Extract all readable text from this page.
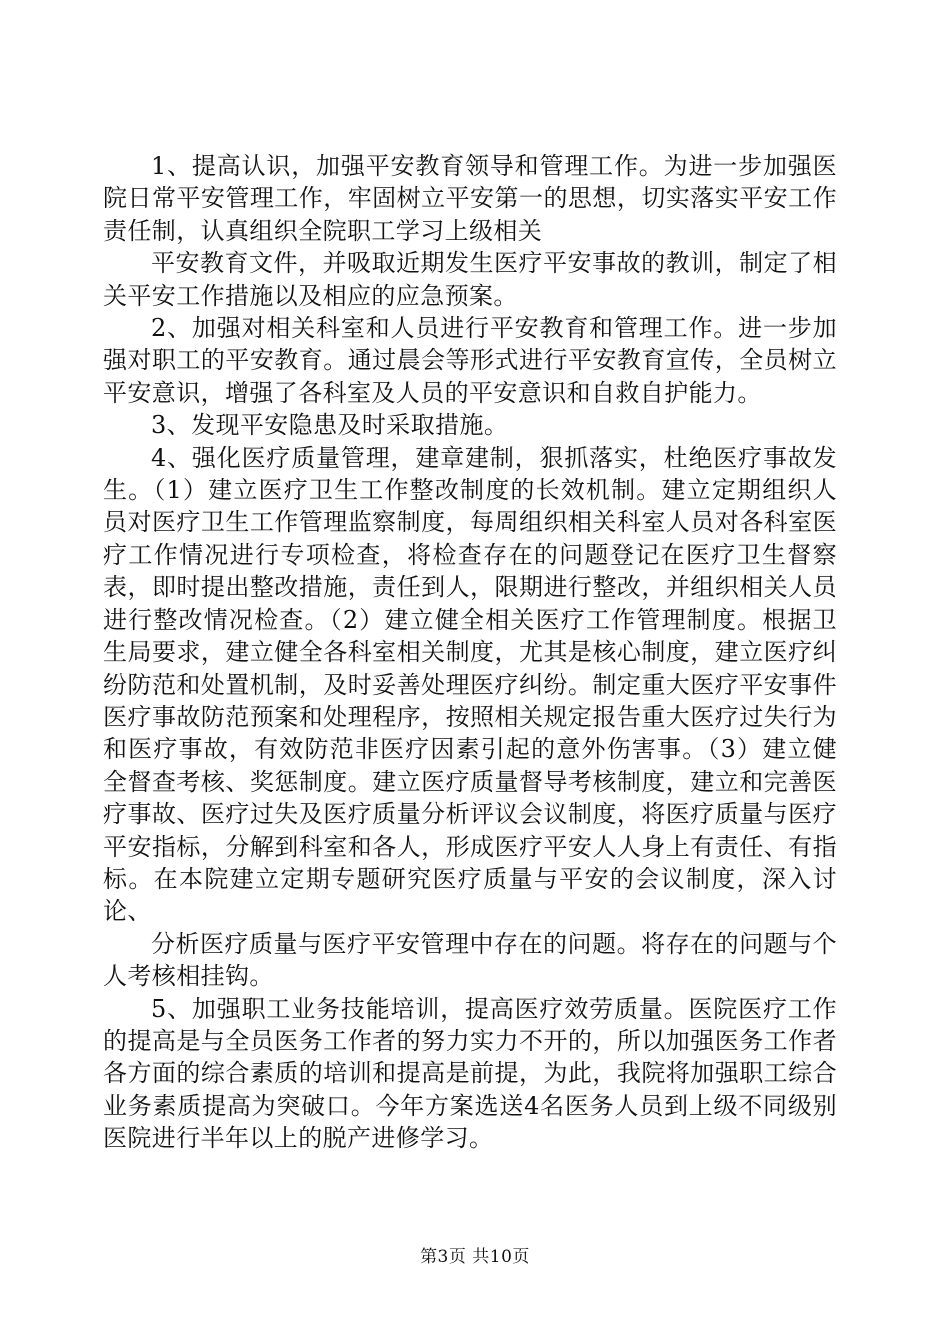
1、提高认识，加强平安教育领导和管理工作。为进一步加强医院日常平安管理工作，牢固树立平安第一的思想，切实落实平安工作责任制，认真组织全院职工学习上级相关

平安教育文件，并吸取近期发生医疗平安事故的教训，制定了相关平安工作措施以及相应的应急预案。

2、加强对相关科室和人员进行平安教育和管理工作。进一步加强对职工的平安教育。通过晨会等形式进行平安教育宣传，全员树立平安意识，增强了各科室及人员的平安意识和自救自护能力。

3、发现平安隐患及时采取措施。

4、强化医疗质量管理，建章建制，狠抓落实，杜绝医疗事故发生。（1）建立医疗卫生工作整改制度的长效机制。建立定期组织人员对医疗卫生工作管理监察制度，每周组织相关科室人员对各科室医疗工作情况进行专项检查，将检查存在的问题登记在医疗卫生督察表，即时提出整改措施，责任到人，限期进行整改，并组织相关人员进行整改情况检查。（2）建立健全相关医疗工作管理制度。根据卫生局要求，建立健全各科室相关制度，尤其是核心制度，建立医疗纠纷防范和处置机制，及时妥善处理医疗纠纷。制定重大医疗平安事件医疗事故防范预案和处理程序，按照相关规定报告重大医疗过失行为和医疗事故，有效防范非医疗因素引起的意外伤害事。（3）建立健全督查考核、奖惩制度。建立医疗质量督导考核制度，建立和完善医疗事故、医疗过失及医疗质量分析评议会议制度，将医疗质量与医疗平安指标，分解到科室和各人，形成医疗平安人人身上有责任、有指标。在本院建立定期专题研究医疗质量与平安的会议制度，深入讨论、

分析医疗质量与医疗平安管理中存在的问题。将存在的问题与个人考核相挂钩。

5、加强职工业务技能培训，提高医疗效劳质量。医院医疗工作的提高是与全员医务工作者的努力实力不开的，所以加强医务工作者各方面的综合素质的培训和提高是前提，为此，我院将加强职工综合业务素质提高为突破口。今年方案选送4名医务人员到上级不同级别医院进行半年以上的脱产进修学习。

第3页 共10页
